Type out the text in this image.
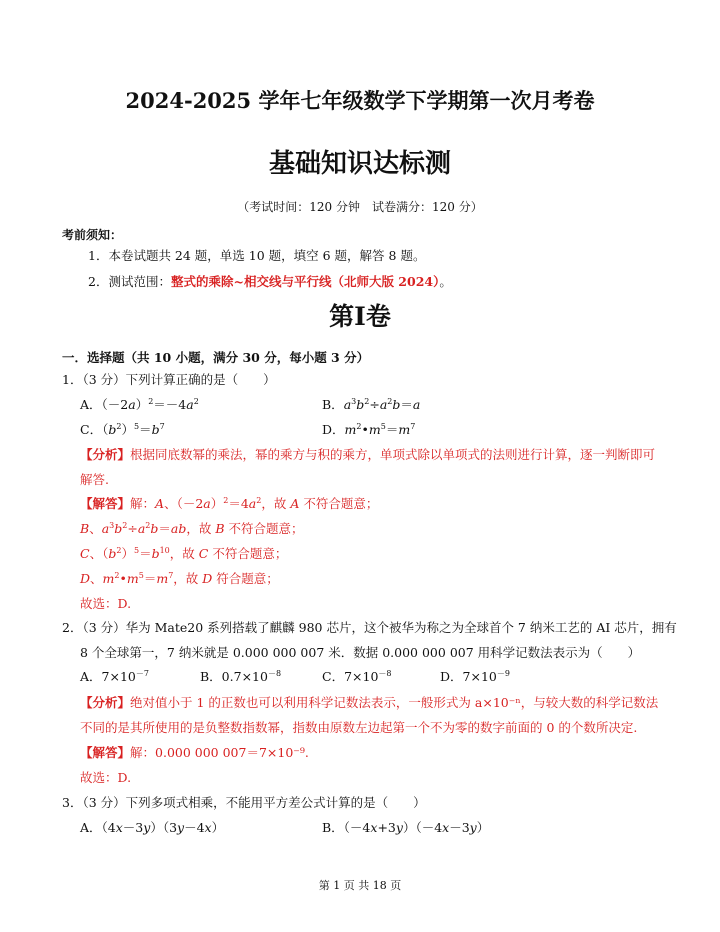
2024-2025 学年七年级数学下学期第一次月考卷
基础知识达标测
（考试时间：120 分钟　试卷满分：120 分）
考前须知：
1．本卷试题共 24 题，单选 10 题，填空 6 题，解答 8 题。
2．测试范围：整式的乘除~相交线与平行线（北师大版 2024）。
第Ⅰ卷
一．选择题（共 10 小题，满分 30 分，每小题 3 分）
1．（3 分）下列计算正确的是（　　）
A．$(-2a)^2=-4a^2$	B．$a^3b^2\div a^2b=a$
C．$(b^2)^5=b^7$	D．$m^2•m^5=m^7$
【分析】根据同底数幂的乘法，幂的乘方与积的乘方，单项式除以单项式的法则进行计算，逐一判断即可
解答.
【解答】解：A、$(-2a)^2=4a^2$，故 A 不符合题意；
B、$a^3b^2\div a^2b=ab$，故 B 不符合题意；
C、$(b^2)^5=b^{10}$，故 C 不符合题意；
D、$m^2•m^5=m^7$，故 D 符合题意；
故选：D.
2．（3 分）华为 Mate20 系列搭载了麒麟 980 芯片，这个被华为称之为全球首个 7 纳米工艺的 AI 芯片，拥有
8 个全球第一，7 纳米就是 0.000 000 007 米．数据 0.000 000 007 用科学记数法表示为（　　）
A．$7\times 10^{-7}$	B．$0.7\times 10^{-8}$	C．$7\times 10^{-8}$	D．$7\times 10^{-9}$
【分析】绝对值小于 1 的正数也可以利用科学记数法表示，一般形式为 a×10⁻ⁿ，与较大数的科学记数法
不同的是其所使用的是负整数指数幂，指数由原数左边起第一个不为零的数字前面的 0 的个数所决定.
【解答】解：0.000 000 007＝7×10⁻⁹.
故选：D.
3．（3 分）下列多项式相乘，不能用平方差公式计算的是（　　）
A．（4x－3y）（3y－4x）	B．（－4x+3y）（－4x－3y）
第 1 页 共 18 页
